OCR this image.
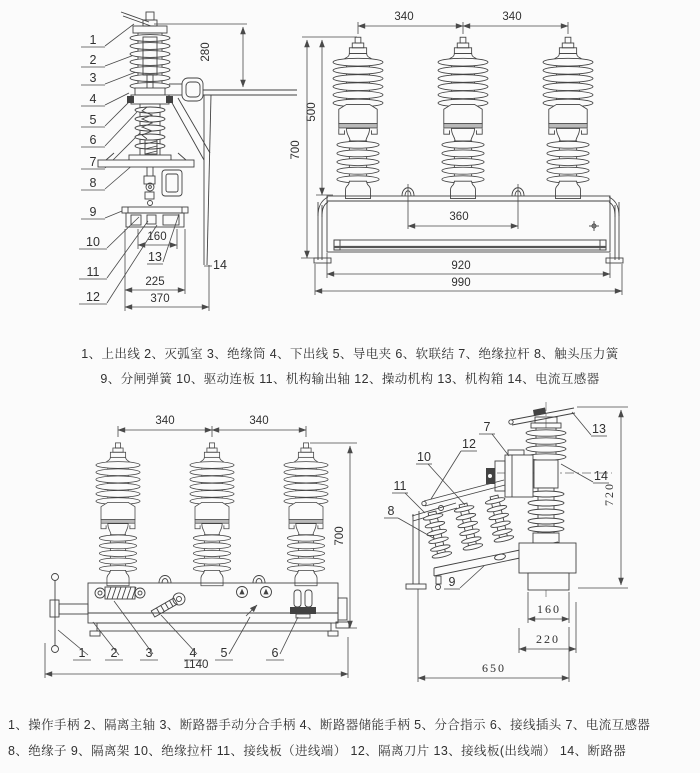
1
2
3
4
5
6
7
8
9
10
11
12
280
160
225
370
13
14
340	340
700
500
360
920
990
1 2 3	4 5	6
340	340
700
1140
7	13
12
10
14
11
8
9
720
160
220
650
1、上出线 2、灭弧室 3、绝缘筒 4、下出线 5、导电夹 6、软联结 7、绝缘拉杆 8、触头压力簧
9、分闸弹簧 10、驱动连板 11、机构输出轴 12、操动机构 13、机构箱 14、电流互感器
1、操作手柄 2、隔离主轴 3、断路器手动分合手柄 4、断路器储能手柄 5、分合指示 6、接线插头 7、电流互感器
8、绝缘子 9、隔离架 10、绝缘拉杆 11、接线板（进线端） 12、隔离刀片 13、接线板(出线端） 14、断路器
